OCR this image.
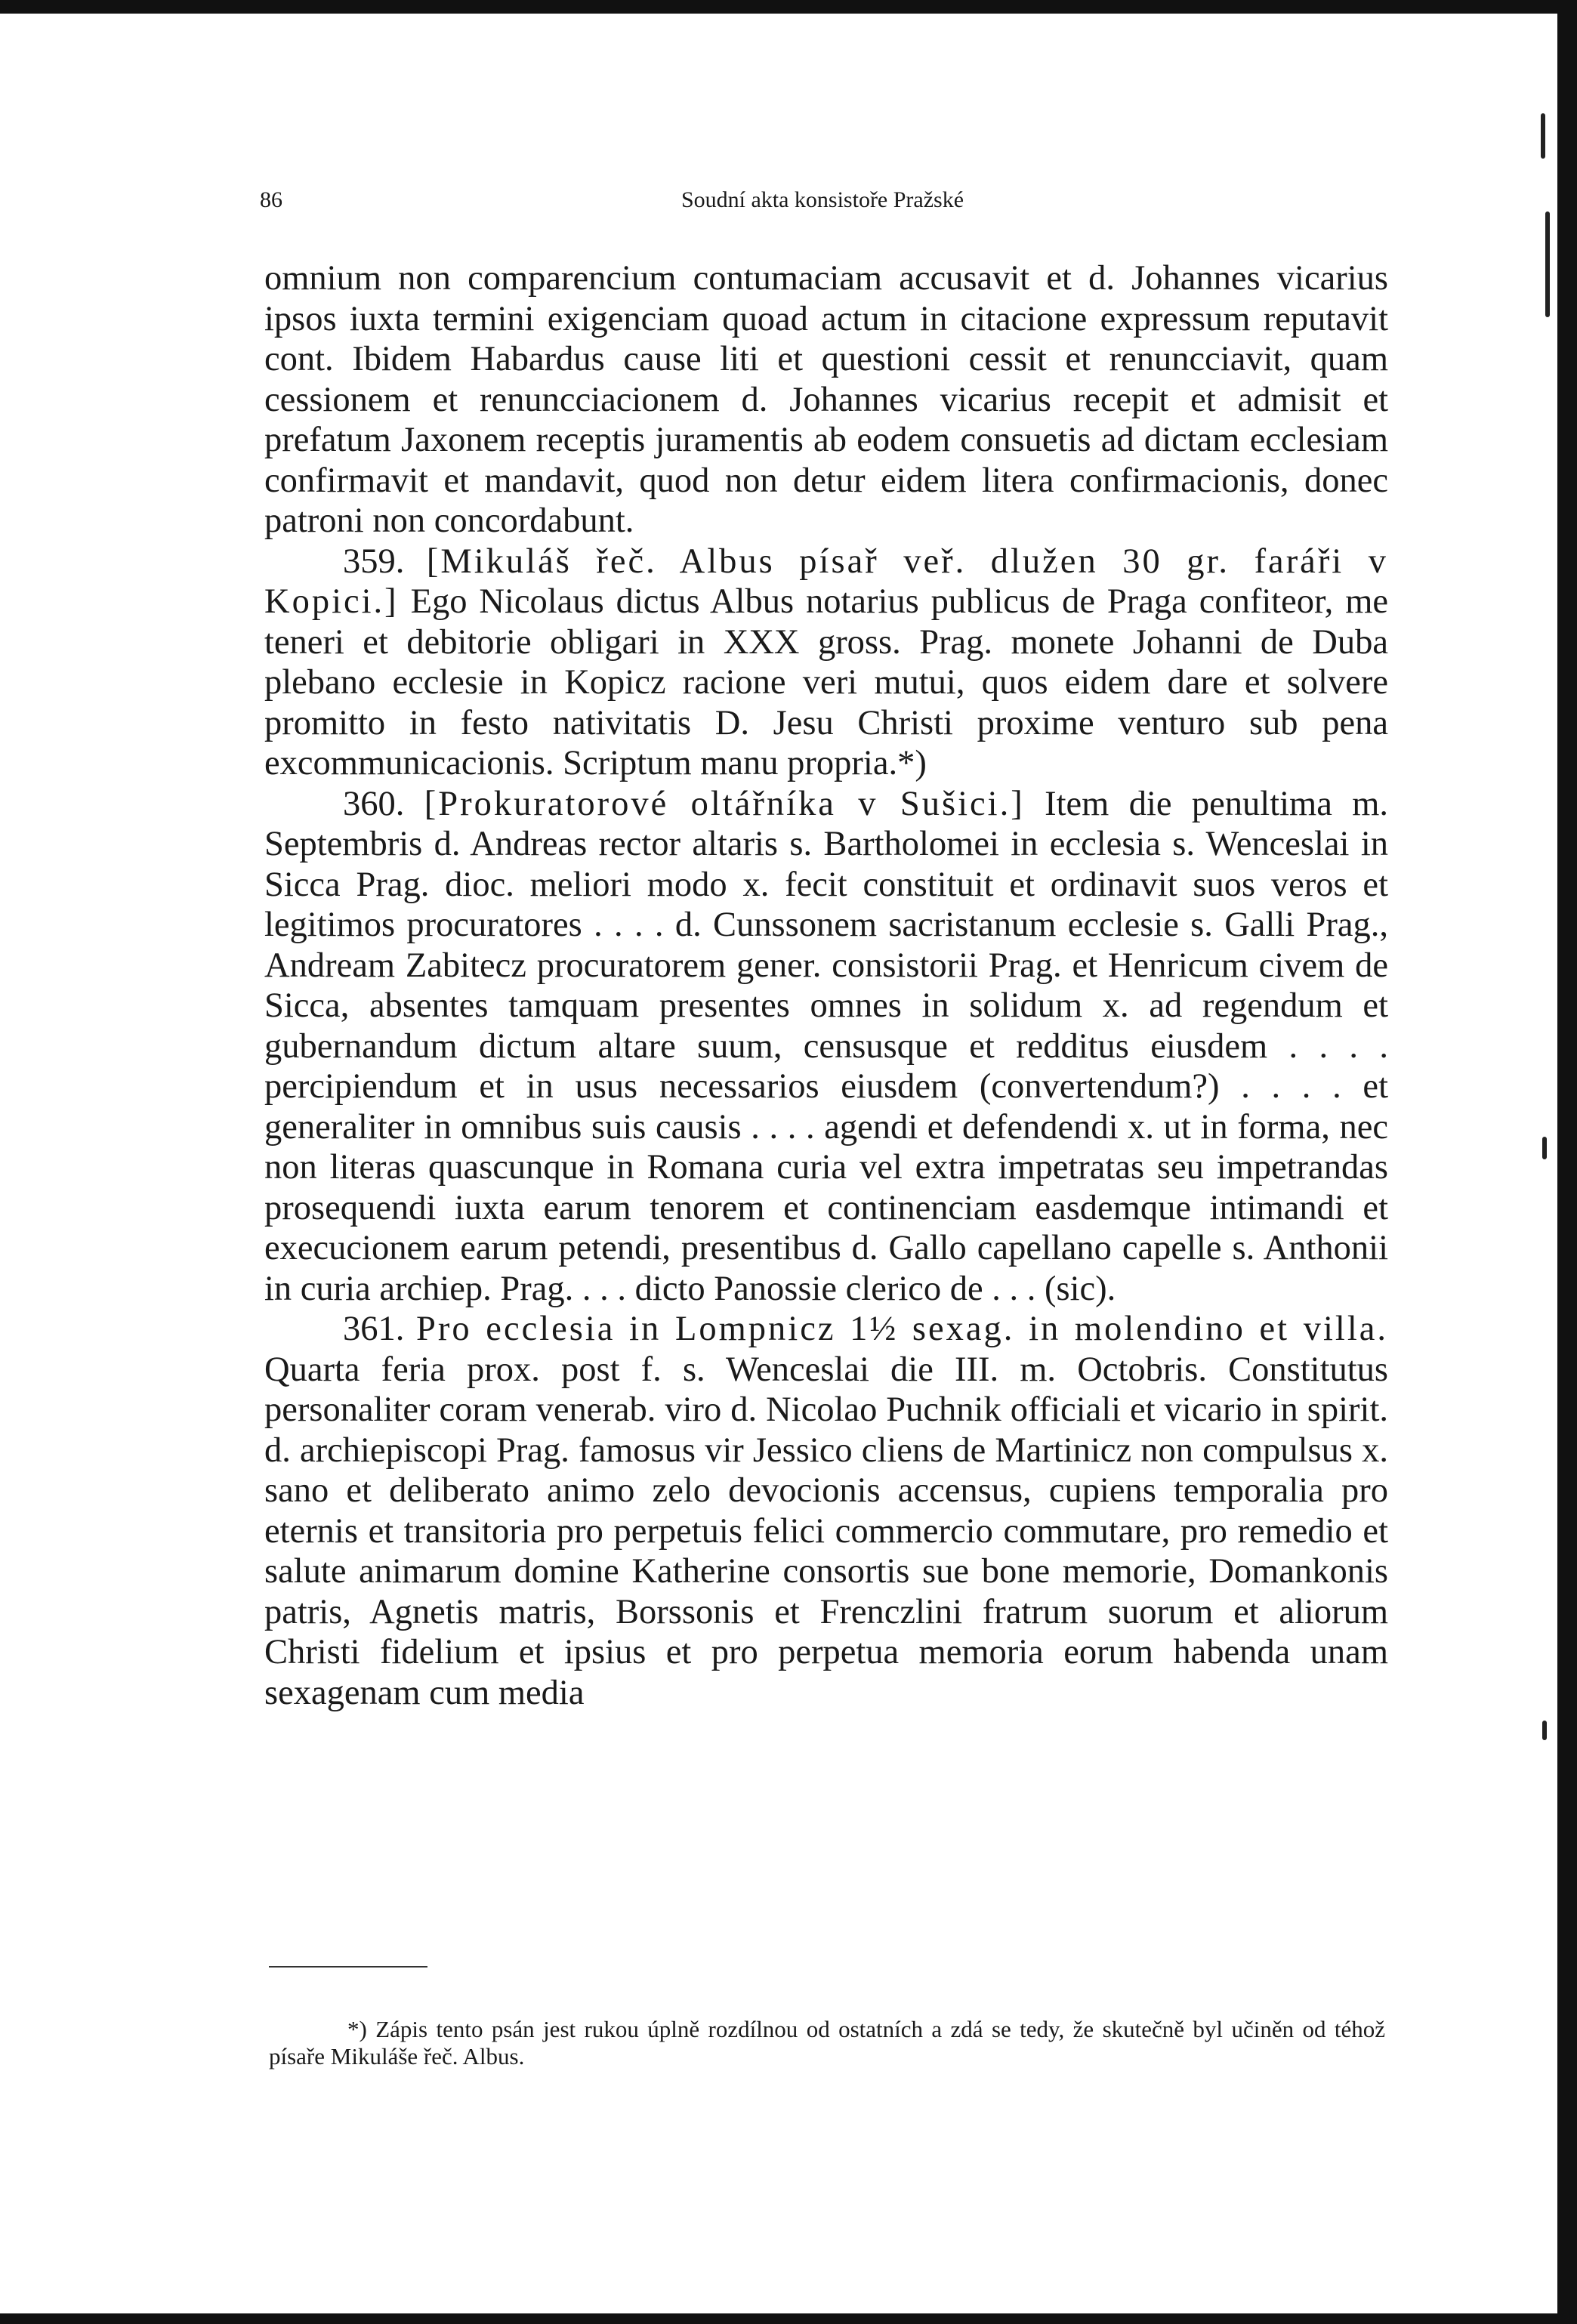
86	Soudní akta konsistoře Pražské

omnium non comparencium contumaciam accusavit et d. Johannes vicarius ipsos iuxta termini exigenciam quoad actum in citacione expressum reputavit cont. Ibidem Habardus cause liti et questioni cessit et renuncciavit, quam cessionem et renuncciacionem d. Johannes vicarius recepit et admisit et prefatum Jaxonem receptis juramentis ab eodem consuetis ad dictam ecclesiam confirmavit et mandavit, quod non detur eidem litera confirmacionis, donec patroni non concordabunt.

359. [Mikuláš řeč. Albus písař veř. dlužen 30 gr. faráři v Kopici.] Ego Nicolaus dictus Albus notarius publicus de Praga confiteor, me teneri et debitorie obligari in XXX gross. Prag. monete Johanni de Duba plebano ecclesie in Kopicz racione veri mutui, quos eidem dare et solvere promitto in festo nativitatis D. Jesu Christi proxime venturo sub pena excommunicacionis. Scriptum manu propria.*)

360. [Prokuratorové oltářníka v Sušici.] Item die penultima m. Septembris d. Andreas rector altaris s. Bartholomei in ecclesia s. Wenceslai in Sicca Prag. dioc. meliori modo x. fecit constituit et ordinavit suos veros et legitimos procuratores . . . . d. Cunssonem sacristanum ecclesie s. Galli Prag., Andream Zabitecz procuratorem gener. consistorii Prag. et Henricum civem de Sicca, absentes tamquam presentes omnes in solidum x. ad regendum et gubernandum dictum altare suum, censusque et redditus eiusdem . . . . percipiendum et in usus necessarios eiusdem (convertendum?) . . . . et generaliter in omnibus suis causis . . . . agendi et defendendi x. ut in forma, nec non literas quascunque in Romana curia vel extra impetratas seu impetrandas prosequendi iuxta earum tenorem et continenciam easdemque intimandi et execucionem earum petendi, presentibus d. Gallo capellano capelle s. Anthonii in curia archiep. Prag. . . . dicto Panossie clerico de . . . (sic).

361. Pro ecclesia in Lompnicz 1½ sexag. in molendino et villa. Quarta feria prox. post f. s. Wenceslai die III. m. Octobris. Constitutus personaliter coram venerab. viro d. Nicolao Puchnik officiali et vicario in spirit. d. archiepiscopi Prag. famosus vir Jessico cliens de Martinicz non compulsus x. sano et deliberato animo zelo devocionis accensus, cupiens temporalia pro eternis et transitoria pro perpetuis felici commercio commutare, pro remedio et salute animarum domine Katherine consortis sue bone memorie, Domankonis patris, Agnetis matris, Borssonis et Frenczlini fratrum suorum et aliorum Christi fidelium et ipsius et pro perpetua memoria eorum habenda unam sexagenam cum media

*) Zápis tento psán jest rukou úplně rozdílnou od ostatních a zdá se tedy, že skutečně byl učiněn od téhož písaře Mikuláše řeč. Albus.
